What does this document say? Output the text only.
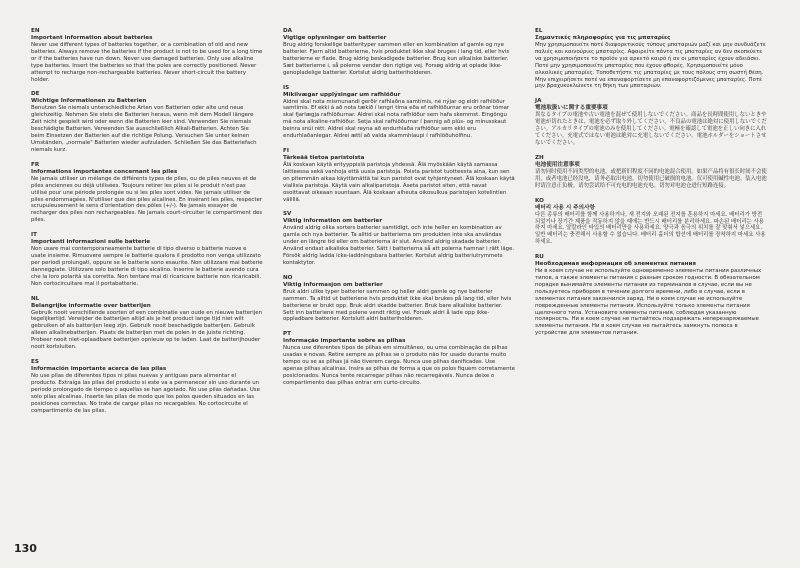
EN
Important information about batteries

Never use different types of batteries together, or a combination of old and new batteries. Always remove the batteries if the product is not to be used for a long time or if the batteries have run down. Never use damaged batteries. Only use alkaline type batteries. Insert the batteries so that the poles are correctly positioned. Never attempt to recharge non-rechargeable batteries. Never short-circuit the battery holder.

DE
Wichtige Informationen zu Batterien

Benutzen Sie niemals unterschiedliche Arten von Batterien oder alte und neue gleichzeitig. Nehmen Sie stets die Batterien heraus, wenn mit dem Modell längere Zeit nicht gespielt wird oder wenn die Batterien leer sind. Verwenden Sie niemals beschädigte Batterien. Verwenden Sie ausschließlich Alkali-Batterien. Achten Sie beim Einsetzen der Batterien auf die richtige Polung. Versuchen Sie unter keinen Umständen, „normale" Batterien wieder aufzuladen. Schließen Sie das Batteriefach niemals kurz.

FR
Informations importantes concernant les piles

Ne jamais utiliser un mélange de différents types de piles, ou de piles neuves et de piles anciennes ou déjà utilisées. Toujours retirer les piles si le produit n'est pas utilisé pour une période prolongée ou si les piles sont vides. Ne jamais utiliser de piles endommagées. N'utiliser que des piles alcalines. En insérant les piles, respecter scrupuleusement le sens d'orientation des pôles (+/-). Ne jamais essayer de recharger des piles non rechargeables. Ne jamais court-circuiter le compartiment des piles.

IT
Importanti informazioni sulle batterie

Non usare mai contemporaneamente batterie di tipo diverso o batterie nuove e usate insieme. Rimuovere sempre le batterie qualora il prodotto non venga utilizzato per periodi prolungati, oppure se le batterie sono esaurite. Non utilizzare mai batterie danneggiate. Utilizzare solo batterie di tipo alcalino. Inserire le batterie avendo cura che la loro polarità sia corretta. Non tentare mai di ricaricare batterie non ricaricabili. Non cortocircuitare mai il portabatterie.

NL
Belangrijke informatie over batterijen

Gebruik nooit verschillende soorten of een combinatie van oude en nieuwe batterijen tegelijkertijd. Verwijder de batterijen altijd als je het product lange tijd niet wilt gebruiken of als batterijen leeg zijn. Gebruik nooit beschadigde batterijen. Gebruik alleen alkalinebatterijen. Plaats de batterijen met de polen in de juiste richting. Probeer nooit niet-oplaadbare batterijen opnieuw op te laden. Laat de batterijhouder nooit kortsluiten.

ES
Información importante acerca de las pilas

No use pilas de diferentes tipos ni pilas nuevas y antiguas para alimentar el producto. Extraiga las pilas del producto si este va a permanecer sin uso durante un periodo prolongado de tiempo o aquellas se han agotado. No use pilas dañadas. Use solo pilas alcalinas. Inserte las pilas de modo que los polos queden situados en las posiciones correctas. No trate de cargar pilas no recargables. No cortocircuite el compartimento de las pilas.

DA
Vigtige oplysninger om batterier

Brug aldrig forskellige batterityper sammen eller en kombination af gamle og nye batterier. Fjern altid batterierne, hvis produktet ikke skal bruges i lang tid, eller hvis batterierne er flade. Brug aldrig beskadigede batterier. Brug kun alkaliske batterier. Sæt batterierne i, så polerne vender den rigtige vej. Forsøg aldrig at oplade ikke-genopladelige batterier. Kortslut aldrig batteriholderen.

IS
Mikilvægar upplýsingar um rafhlöður

Aldrei skal nota mismunandi gerðir rafhlaðna samtímis, né nýjar og eldri rafhlöður samtímis. Ef ekki á að nota tækið í lengri tíma eða ef rafhlöðurnar eru orðnar tómar skal fjarlægja rafhlöðurnar. Aldrei skal nota rafhlöður sem hafa skemmst. Eingöngu má nota alkalíne-rafhlöður. Setja skal rafhlöðurnar í þannig að plús- og mínusskaut beinra snúi rétt. Aldrei skal reyna að endurhlaða rafhlöður sem ekki eru endurhlaðanlegar. Aldrei ættí að valda skammhlaupi í rafhlöðuhólfinu.

FI
Tärkeää tietoa paristoista

Älä koskaan käytä erityyppisiä paristoja yhdessä. Älä myöskään käytä samassa laitteessa sekä vanhoja että uusia paristoja. Poista paristot tuotteesta aina, kun sen on pitemmän aikaa käyttämättä tai kun paristot ovat tyhjentyneet. Älä koskaan käytä viallisia paristoja. Käytä vain alkaliparistoja. Aseta paristot siten, että navat osoittavat oikeaan suuntaan. Älä koskaan alheuta oikosulkua paristojen kotelintien välillä.

SV
Viktig information om batterier

Använd aldrig olika sorters batterier samtidigt, och inte heller en kombination av gamla och nya batterier. Ta alltid ur batterierna om produkten inte ska användas under en längre tid eller om batterierna är slut. Använd aldrig skadade batterier. Använd endast alkaliska batterier. Sätt i batterierna så att polerna hamnar i rätt läge. Försök aldrig ladda icke-laddningsbara batterier. Kortslut aldrig batteriutrymmets kontaktytor.

NO
Viktig informasjon om batterier

Bruk aldri ulike typer batterier sammen og heller aldri gamle og nye batterier sammen. Ta alltid ut batteriene hvis produktet ikke skal brukes på lang tid, eller hvis batteriene er brukt opp. Bruk aldri skadde batterier. Bruk bare alkaliske batterier. Sett inn batteriene med polene vendt riktig vei. Forsøk aldri å lade opp ikke-oppladbare batterier. Kortslutt aldri batteriholderen.

PT
Informação importante sobre as pilhas

Nunca use diferentes tipos de pilhas em simultâneo, ou uma combinação de pilhas usadas e novas. Retire sempre as pilhas se o produto não for usado durante muito tempo ou se as pilhas já não tiverem carga. Nunca use pilhas danificadas. Use apenas pilhas alcalinas. Insira as pilhas de forma a que os polos fiquem corretamente posicionados. Nunca tente recarregar pilhas não recarregáveis. Nunca deixe o compartimento das pilhas entrar em curto-circuito.

EL
Σημαντικές πληροφορίες για τις μπαταρίες

Μην χρησιμοποιείτε ποτέ διαφορετικούς τύπους μπαταριών μαζί και μην συνδυάζετε παλιές και καινούριες μπαταρίες. Αφαιρείτε πάντα τις μπαταρίες αν δεν σκοπεύετε να χρησιμοποιήσετε το προϊόν για αρκετό καιρό ή αν οι μπαταρίες έχουν αδειάσει. Ποτέ μην χρησιμοποιείτε μπαταρίες που έχουν φθορές. Χρησιμοποιείτε μόνο αλκαλικές μπαταρίες. Τοποθετήστε τις μπαταρίες με τους πόλους στη σωστή θέση. Μην επιχειρήσετε ποτέ να επαναφορτίσετε μη επαναφορτιζόμενες μπαταρίες. Ποτέ μην βραχυκυκλώνετε τη θήκη των μπαταριών.

JA
電池取扱いに関する重要事項

異なるタイプの電池や古い電池を混ぜて使用しないでください。商品を長時間使用しないときや電池が切れたときは、電池を必ず取り外してください。不良品の電池は絶対に使用しないでください。アルカリタイプの電池のみを使用してください。電極を確認して電池を正しい向きに入れてください。充電式ではない電池は絶対に充電しないでください。電池ホルダーをショートさせないでください。

ZH
电池使用注意事项

请勿同时使用不同类型的电池，或把新旧程度不同的电池混合使用。如果产品将有很长时间不会使用，或者电池已经没电，请务必取出电池。切勿使用已破损的电池。仅可使用碱性电池。装入电池时请注意正负极。请勿尝试给不可充电的电池充电。切勿对电池仓进行短路连接。

KO
배터리 사용 시 주의사항

다른 종류의 배터리를 함께 사용하거나, 새 전지와 오래된 전지를 혼용하지 마세요. 배터리가 방전되었거나 장기간 제품을 작동하지 않을 때에는 반드시 배터리를 분리하세요. 파손된 배터리는 사용하지 마세요. 알칼라인 타입의 배터리만을 사용하세요. 양극과 음극의 위치를 잘 맞춰서 넣으세요. 일반 배터리는 충전해서 사용할 수 없습니다. 배터리 홀더의 합선에 배터리를 장착하지 마세요 사용하세요.

RU
Необходимая информация об элементах питания

Ни в коем случае не используйте одновременно элементы питания различных типов, а также элементы питания с разным сроком годности. В обязательном порядке вынимайте элементы питания из терминалов в случае, если вы не пользуетесь прибором в течение долгого времени, либо в случае, если в элементах питания закончился заряд. Ни в коем случае не используйте поврежденные элементы питания. Используйте только элементы питания щелочного типа. Установите элементы питания, соблюдая указанную полярность. Ни в коем случае не пытайтесь подзаряжать неперезаряжаемые элементы питания. Ни в коем случае не пытайтесь замкнуть полюса в устройстве для элементов питания.

130
